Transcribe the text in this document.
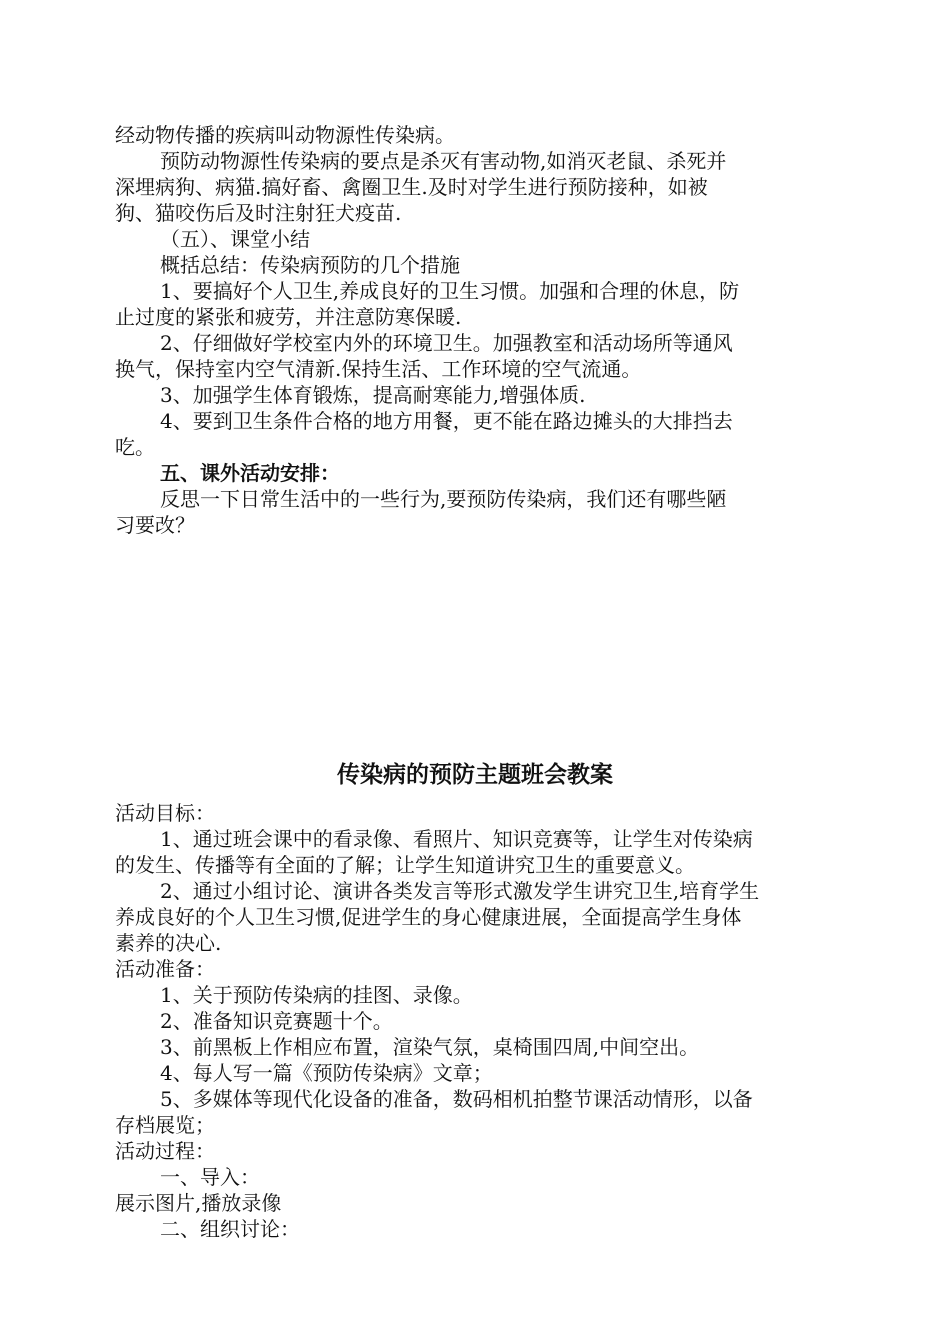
经动物传播的疾病叫动物源性传染病。
预防动物源性传染病的要点是杀灭有害动物,如消灭老鼠、杀死并
深埋病狗、病猫.搞好畜、禽圈卫生.及时对学生进行预防接种，如被
狗、猫咬伤后及时注射狂犬疫苗.
（五）、课堂小结
概括总结：传染病预防的几个措施
1、要搞好个人卫生,养成良好的卫生习惯。加强和合理的休息，防
止过度的紧张和疲劳，并注意防寒保暖.
2、仔细做好学校室内外的环境卫生。加强教室和活动场所等通风
换气，保持室内空气清新.保持生活、工作环境的空气流通。
3、加强学生体育锻炼，提高耐寒能力,增强体质.
4、要到卫生条件合格的地方用餐，更不能在路边摊头的大排挡去
吃。
五、课外活动安排：
反思一下日常生活中的一些行为,要预防传染病，我们还有哪些陋
习要改？
传染病的预防主题班会教案
活动目标：
1、通过班会课中的看录像、看照片、知识竞赛等，让学生对传染病
的发生、传播等有全面的了解；让学生知道讲究卫生的重要意义。
2、通过小组讨论、演讲各类发言等形式激发学生讲究卫生,培育学生
养成良好的个人卫生习惯,促进学生的身心健康进展，全面提高学生身体
素养的决心.
活动准备：
1、关于预防传染病的挂图、录像。
2、准备知识竞赛题十个。
3、前黑板上作相应布置，渲染气氛，桌椅围四周,中间空出。
4、每人写一篇《预防传染病》文章；
5、多媒体等现代化设备的准备，数码相机拍整节课活动情形，以备
存档展览；
活动过程：
一、导入：
展示图片,播放录像
二、组织讨论：
